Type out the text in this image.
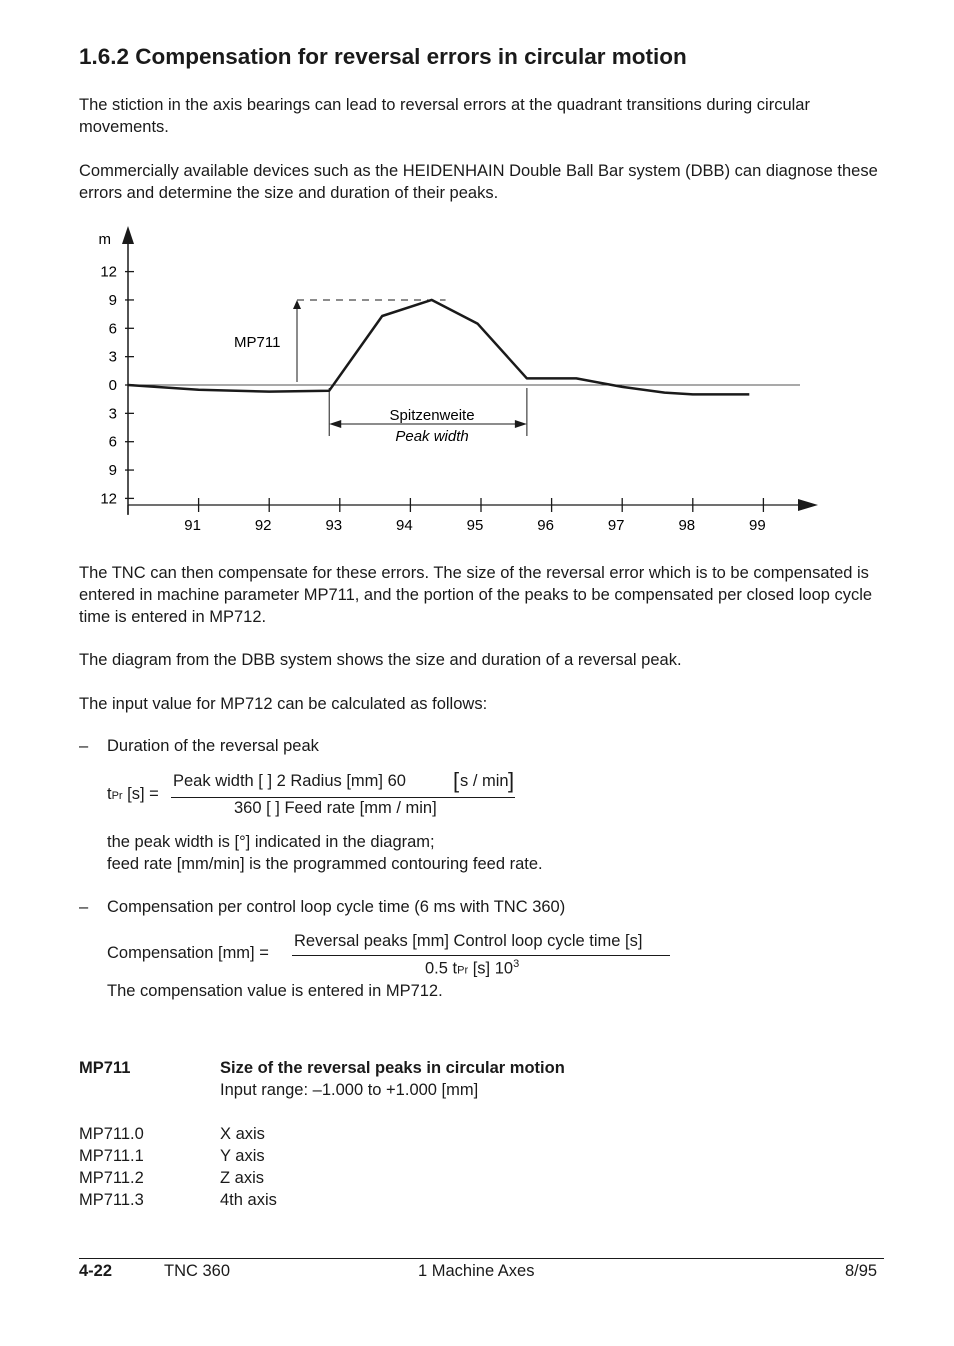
1.6.2 Compensation for reversal errors in circular motion
The stiction in the axis bearings can lead to reversal errors at the quadrant transitions during circular movements.
Commercially available devices such as the HEIDENHAIN Double Ball Bar system (DBB) can diagnose these errors and determine the size and duration of their peaks.
m
12
9
6
3
0
3
6
9
12
91	92	93	94	95	96	97	98	99
MP711
Spitzenweite
Peak width
The TNC can then compensate for these errors. The size of the reversal error which is to be compensated is entered in machine parameter MP711, and the portion of the peaks to be compensated per closed loop cycle time is entered in MP712.
The diagram from the DBB system shows the size and duration of a reversal peak.
The input value for MP712 can be calculated as follows:
– Duration of the reversal peak
tPr [s] =
Peak width [ ] 2 Radius [mm] 60 [ s / min ]
360 [ ] Feed rate [mm / min]
the peak width is [°] indicated in the diagram;
feed rate [mm/min] is the programmed contouring feed rate.
– Compensation per control loop cycle time (6 ms with TNC 360)
Compensation [mm] =
Reversal peaks [mm] Control loop cycle time [s]
0.5 tPr [s] $10^3$
The compensation value is entered in MP712.
MP711	Size of the reversal peaks in circular motion
Input range: –1.000 to +1.000 [mm]
MP711.0	X axis
MP711.1	Y axis
MP711.2	Z axis
MP711.3	4th axis
4-22	TNC 360	1 Machine Axes	8/95
